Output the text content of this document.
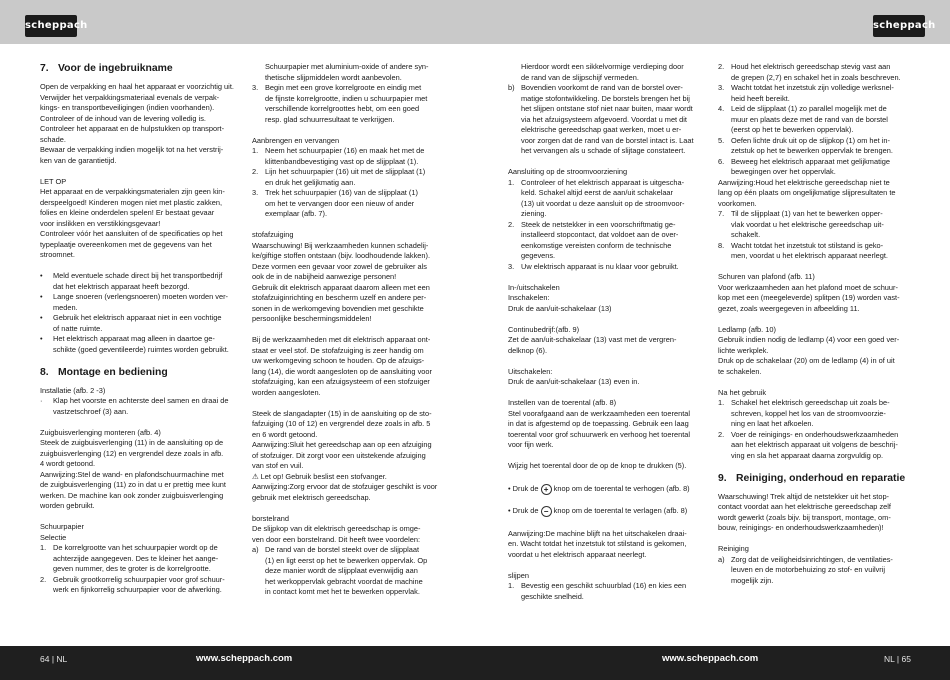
scheppach	scheppach
7. Voor de ingebruikname

Open de verpakking en haal het apparaat er voorzichtig uit.

Verwijder het verpakkingsmateriaal evenals de verpak-

kings- en transportbeveiligingen (indien voorhanden).

Controleer of de inhoud van de levering volledig is.

Controleer het apparaat en de hulpstukken op transport-

schade.

Bewaar de verpakking indien mogelijk tot na het verstrij-

ken van de garantietijd.

LET OP

Het apparaat en de verpakkingsmaterialen zijn geen kin-

derspeelgoed! Kinderen mogen niet met plastic zakken,

folies en kleine onderdelen spelen! Er bestaat gevaar

voor inslikken en verstikkingsgevaar!

Controleer vóór het aansluiten of de specificaties op het

typeplaatje overeenkomen met de gegevens van het

stroomnet.

•	Meld eventuele schade direct bij het transportbedrijf

dat het elektrisch apparaat heeft bezorgd.

•	Lange snoeren (verlengsnoeren) moeten worden ver-

meden.

•	Gebruik het elektrisch apparaat niet in een vochtige

of natte ruimte.

•	Het elektrisch apparaat mag alleen in daartoe ge-

schikte (goed geventileerde) ruimtes worden gebruikt.

8. Montage en bediening

Installatie (afb. 2 -3)

·	Klap het voorste en achterste deel samen en draai de

vastzetschroef (3) aan.

Zuigbuisverlenging monteren (afb. 4)

Steek de zuigbuisverlenging (11) in de aansluiting op de

zuigbuisverlenging (12) en vergrendel deze zoals in afb.

4 wordt getoond.

Aanwijzing:Stel de wand- en plafondschuurmachine met

de zuigbuisverlenging (11) zo in dat u er prettig mee kunt

werken. De machine kan ook zonder zuigbuisverlenging

worden gebruikt.

Schuurpapier

Selectie

1. De korrelgrootte van het schuurpapier wordt op de

achterzijde aangegeven. Des te kleiner het aange-

geven nummer, des te groter is de korrelgrootte.

2. Gebruik grootkorrelig schuurpapier voor grof schuur-

werk en fijnkorrelig schuurpapier voor de afwerking.

Schuurpapier met aluminium-oxide of andere syn-

thetische slijpmiddelen wordt aanbevolen.

3. Begin met een grove korrelgroote en eindig met

de fijnste korrelgrootte, indien u schuurpapier met

verschillende korrelgroottes hebt, om een goed

resp. glad schuurresultaat te verkrijgen.

Aanbrengen en vervangen

1. Neem het schuurpapier (16) en maak het met de

klittenbandbevestiging vast op de slijpplaat (1).

2. Lijn het schuurpapier (16) uit met de slijpplaat (1)

en druk het gelijkmatig aan.

3. Trek het schuurpapier (16) van de slijpplaat (1)

om het te vervangen door een nieuw of ander

exemplaar (afb. 7).

stofafzuiging

Waarschuwing! Bij werkzaamheden kunnen schadelij-

ke/giftige stoffen ontstaan (bijv. loodhoudende lakken).

Deze vormen een gevaar voor zowel de gebruiker als

ook de in de nabijheid aanwezige personen!

Gebruik dit elektrisch apparaat daarom alleen met een

stofafzuiginrichting en bescherm uzelf en andere per-

sonen in de werkomgeving bovendien met geschikte

persoonlijke beschermingsmiddelen!

Bij de werkzaamheden met dit elektrisch apparaat ont-

staat er veel stof. De stofafzuiging is zeer handig om

uw werkomgeving schoon te houden. Op de afzuigs-

lang (14), die wordt aangesloten op de aansluiting voor

stofafzuiging, kan een afzuigsysteem of een stofzuiger

worden aangesloten.

Steek de slangadapter (15) in de aansluiting op de sto-

fafzuiging (10 of 12) en vergrendel deze zoals in afb. 5

en 6 wordt getoond.

Aanwijzing:Sluit het gereedschap aan op een afzuiging

of stofzuiger. Dit zorgt voor een uitstekende afzuiging

van stof en vuil.

⚠ Let op! Gebruik beslist een stofvanger.

Aanwijzing:Zorg ervoor dat de stofzuiger geschikt is voor

gebruik met elektrisch gereedschap.

borstelrand

De slijpkop van dit elektrisch gereedschap is omge-

ven door een borstelrand. Dit heeft twee voordelen:

a) De rand van de borstel steekt over de slijpplaat

(1) en ligt eerst op het te bewerken oppervlak. Op

deze manier wordt de slijpplaat evenwijdig aan

het werkoppervlak gebracht voordat de machine

in contact komt met het te bewerken oppervlak.

Hierdoor wordt een sikkelvormige verdieping door

de rand van de slijpschijf vermeden.

b) Bovendien voorkomt de rand van de borstel over-

matige stofontwikkeling. De borstels brengen het bij

het slijpen ontstane stof niet naar buiten, maar wordt

via het afzuigsysteem afgevoerd. Voordat u met dit

elektrische gereedschap gaat werken, moet u er-

voor zorgen dat de rand van de borstel intact is. Laat

het vervangen als u schade of slijtage constateert.

Aansluiting op de stroomvoorziening

1. Controleer of het elektrisch apparaat is uitgescha-

keld. Schakel altijd eerst de aan/uit schakelaar

(13) uit voordat u deze aansluit op de stroomvoor-

ziening.

2. Steek de netstekker in een voorschriftmatig ge-

installeerd stopcontact, dat voldoet aan de over-

eenkomstige vereisten conform de technische

gegevens.

3. Uw elektrisch apparaat is nu klaar voor gebruikt.

In-/uitschakelen

Inschakelen:

Druk de aan/uit-schakelaar (13)

Continubedrijf:(afb. 9)

Zet de aan/uit-schakelaar (13) vast met de vergren-

delknop (6).

Uitschakelen:

Druk de aan/uit-schakelaar (13) even in.

Instellen van de toerental (afb. 8)

Stel voorafgaand aan de werkzaamheden een toerental

in dat is afgestemd op de toepassing. Gebruik een laag

toerental voor grof schuurwerk en verhoog het toerental

voor fijn werk.

Wijzig het toerental door de op de knop te drukken (5).

• Druk de + knop om de toerental te verhogen (afb. 8)

• Druk de − knop om de toerental te verlagen (afb. 8)

Aanwijzing:De machine blijft na het uitschakelen draai-

en. Wacht totdat het inzetstuk tot stilstand is gekomen,

voordat u het elektrisch apparaat neerlegt.

slijpen

1. Bevestig een geschikt schuurblad (16) en kies een

geschikte snelheid.

2. Houd het elektrisch gereedschap stevig vast aan

de grepen (2,7) en schakel het in zoals beschreven.

3. Wacht totdat het inzetstuk zijn volledige werksnel-

heid heeft bereikt.

4. Leid de slijpplaat (1) zo parallel mogelijk met de

muur en plaats deze met de rand van de borstel

(eerst op het te bewerken oppervlak).

5. Oefen lichte druk uit op de slijpkop (1) om het in-

zetstuk op het te bewerken oppervlak te brengen.

6. Beweeg het elektrisch apparaat met gelijkmatige

bewegingen over het oppervlak.

Aanwijzing:Houd het elektrische gereedschap niet te

lang op één plaats om ongelijkmatige slijpresultaten te

voorkomen.

7. Til de slijpplaat (1) van het te bewerken opper-

vlak voordat u het elektrische gereedschap uit-

schakelt.

8. Wacht totdat het inzetstuk tot stilstand is geko-

men, voordat u het elektrisch apparaat neerlegt.

Schuren van plafond (afb. 11)

Voor werkzaamheden aan het plafond moet de schuur-

kop met een (meegeleverde) splitpen (19) worden vast-

gezet, zoals weergegeven in afbeelding 11.

Ledlamp (afb. 10)

Gebruik indien nodig de ledlamp (4) voor een goed ver-

lichte werkplek.

Druk op de schakelaar (20) om de ledlamp (4) in of uit

te schakelen.

Na het gebruik

1. Schakel het elektrisch gereedschap uit zoals be-

schreven, koppel het los van de stroomvoorzie-

ning en laat het afkoelen.

2. Voer de reinigings- en onderhoudswerkzaamheden

aan het elektrisch apparaat uit volgens de beschrij-

ving en sla het apparaat daarna zorgvuldig op.

9. Reiniging, onderhoud en reparatie

Waarschuwing! Trek altijd de netstekker uit het stop-

contact voordat aan het elektrische gereedschap zelf

wordt gewerkt (zoals bijv. bij transport, montage, om-

bouw, reinigings- en onderhoudswerkzaamheden)!

Reiniging

a) Zorg dat de veiligheidsinrichtingen, de ventilaties-

leuven en de motorbehuizing zo stof- en vuilvrij

mogelijk zijn.

64 | NL	www.scheppach.com	www.scheppach.com	NL | 65
